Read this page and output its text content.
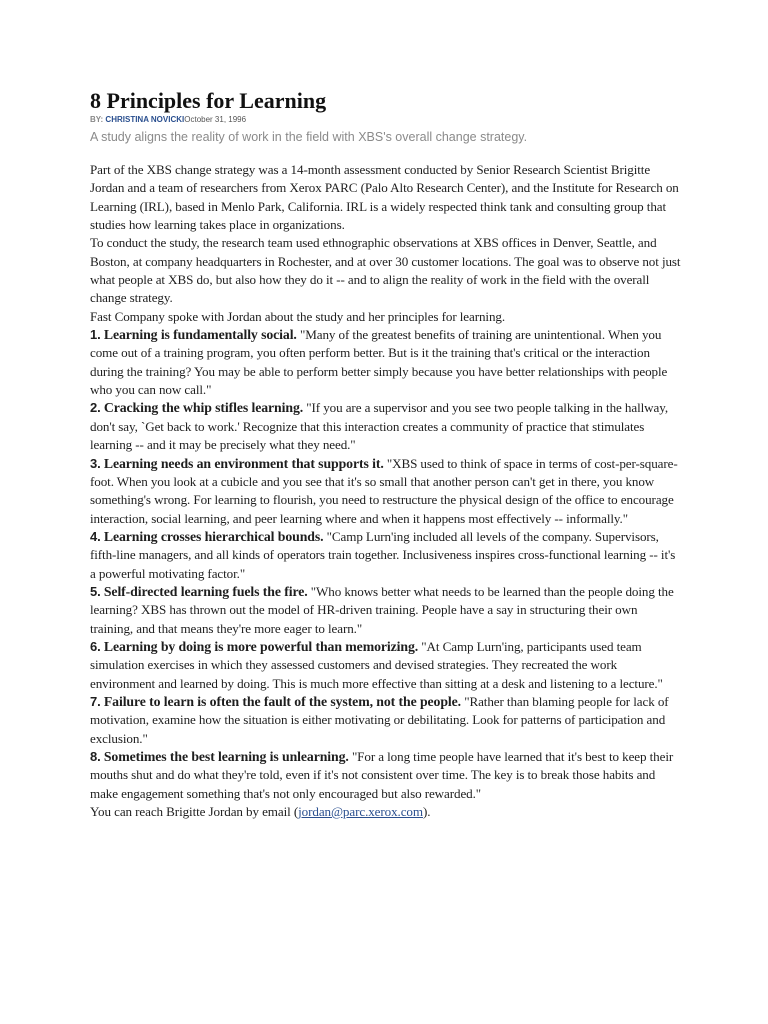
8 Principles for Learning
BY: CHRISTINA NOVICKIOctober 31, 1996
A study aligns the reality of work in the field with XBS's overall change strategy.

Part of the XBS change strategy was a 14-month assessment conducted by Senior Research Scientist Brigitte Jordan and a team of researchers from Xerox PARC (Palo Alto Research Center), and the Institute for Research on Learning (IRL), based in Menlo Park, California. IRL is a widely respected think tank and consulting group that studies how learning takes place in organizations.

To conduct the study, the research team used ethnographic observations at XBS offices in Denver, Seattle, and Boston, at company headquarters in Rochester, and at over 30 customer locations. The goal was to observe not just what people at XBS do, but also how they do it -- and to align the reality of work in the field with the overall change strategy.

Fast Company spoke with Jordan about the study and her principles for learning.

1. Learning is fundamentally social. "Many of the greatest benefits of training are unintentional. When you come out of a training program, you often perform better. But is it the training that's critical or the interaction during the training? You may be able to perform better simply because you have better relationships with people who you can now call."

2. Cracking the whip stifles learning. "If you are a supervisor and you see two people talking in the hallway, don't say, `Get back to work.' Recognize that this interaction creates a community of practice that stimulates learning -- and it may be precisely what they need."

3. Learning needs an environment that supports it. "XBS used to think of space in terms of cost-per-square-foot. When you look at a cubicle and you see that it's so small that another person can't get in there, you know something's wrong. For learning to flourish, you need to restructure the physical design of the office to encourage interaction, social learning, and peer learning where and when it happens most effectively -- informally."

4. Learning crosses hierarchical bounds. "Camp Lurn'ing included all levels of the company. Supervisors, fifth-line managers, and all kinds of operators train together. Inclusiveness inspires cross-functional learning -- it's a powerful motivating factor."

5. Self-directed learning fuels the fire. "Who knows better what needs to be learned than the people doing the learning? XBS has thrown out the model of HR-driven training. People have a say in structuring their own training, and that means they're more eager to learn."

6. Learning by doing is more powerful than memorizing. "At Camp Lurn'ing, participants used team simulation exercises in which they assessed customers and devised strategies. They recreated the work environment and learned by doing. This is much more effective than sitting at a desk and listening to a lecture."

7. Failure to learn is often the fault of the system, not the people. "Rather than blaming people for lack of motivation, examine how the situation is either motivating or debilitating. Look for patterns of participation and exclusion."

8. Sometimes the best learning is unlearning. "For a long time people have learned that it's best to keep their mouths shut and do what they're told, even if it's not consistent over time. The key is to break those habits and make engagement something that's not only encouraged but also rewarded."

You can reach Brigitte Jordan by email (jordan@parc.xerox.com).
